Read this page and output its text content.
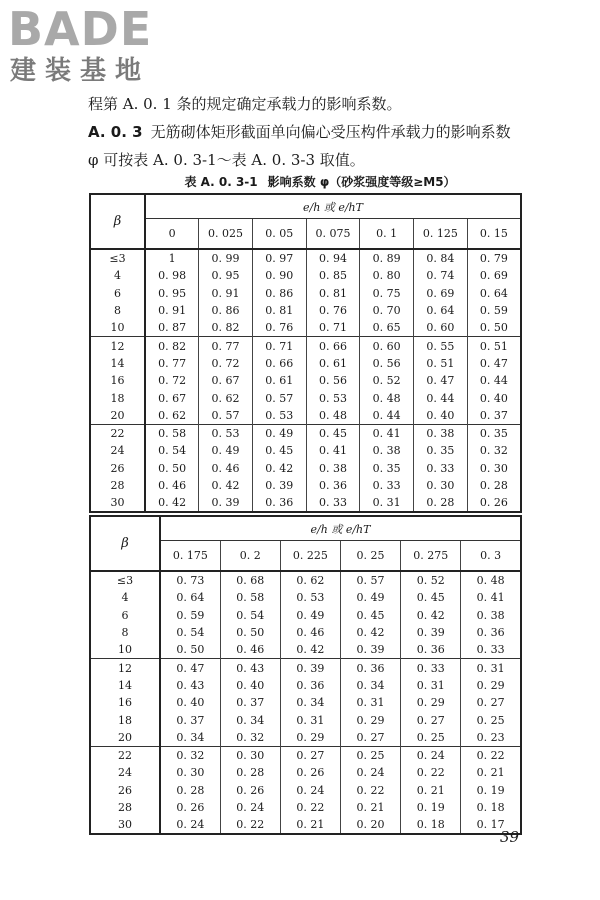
BADE
建装基地

程第 A. 0. 1 条的规定确定承载力的影响系数。

A. 0. 3 无筋砌体矩形截面单向偏心受压构件承载力的影响系数

φ 可按表 A. 0. 3-1～表 A. 0. 3-3 取值。

表 A. 0. 3-1 影响系数 φ（砂浆强度等级≥M5）
β	e/h 或 e/hT						
	0	0. 025	0. 05	0. 075	0. 1	0. 125	0. 15
≤3	1	0. 99	0. 97	0. 94	0. 89	0. 84	0. 79
4	0. 98	0. 95	0. 90	0. 85	0. 80	0. 74	0. 69
6	0. 95	0. 91	0. 86	0. 81	0. 75	0. 69	0. 64
8	0. 91	0. 86	0. 81	0. 76	0. 70	0. 64	0. 59
10	0. 87	0. 82	0. 76	0. 71	0. 65	0. 60	0. 50
12	0. 82	0. 77	0. 71	0. 66	0. 60	0. 55	0. 51
14	0. 77	0. 72	0. 66	0. 61	0. 56	0. 51	0. 47
16	0. 72	0. 67	0. 61	0. 56	0. 52	0. 47	0. 44
18	0. 67	0. 62	0. 57	0. 53	0. 48	0. 44	0. 40
20	0. 62	0. 57	0. 53	0. 48	0. 44	0. 40	0. 37
22	0. 58	0. 53	0. 49	0. 45	0. 41	0. 38	0. 35
24	0. 54	0. 49	0. 45	0. 41	0. 38	0. 35	0. 32
26	0. 50	0. 46	0. 42	0. 38	0. 35	0. 33	0. 30
28	0. 46	0. 42	0. 39	0. 36	0. 33	0. 30	0. 28
30	0. 42	0. 39	0. 36	0. 33	0. 31	0. 28	0. 26
β	e/h 或 e/hT					
	0. 175	0. 2	0. 225	0. 25	0. 275	0. 3
≤3	0. 73	0. 68	0. 62	0. 57	0. 52	0. 48
4	0. 64	0. 58	0. 53	0. 49	0. 45	0. 41
6	0. 59	0. 54	0. 49	0. 45	0. 42	0. 38
8	0. 54	0. 50	0. 46	0. 42	0. 39	0. 36
10	0. 50	0. 46	0. 42	0. 39	0. 36	0. 33
12	0. 47	0. 43	0. 39	0. 36	0. 33	0. 31
14	0. 43	0. 40	0. 36	0. 34	0. 31	0. 29
16	0. 40	0. 37	0. 34	0. 31	0. 29	0. 27
18	0. 37	0. 34	0. 31	0. 29	0. 27	0. 25
20	0. 34	0. 32	0. 29	0. 27	0. 25	0. 23
22	0. 32	0. 30	0. 27	0. 25	0. 24	0. 22
24	0. 30	0. 28	0. 26	0. 24	0. 22	0. 21
26	0. 28	0. 26	0. 24	0. 22	0. 21	0. 19
28	0. 26	0. 24	0. 22	0. 21	0. 19	0. 18
30	0. 24	0. 22	0. 21	0. 20	0. 18	0. 17
39
